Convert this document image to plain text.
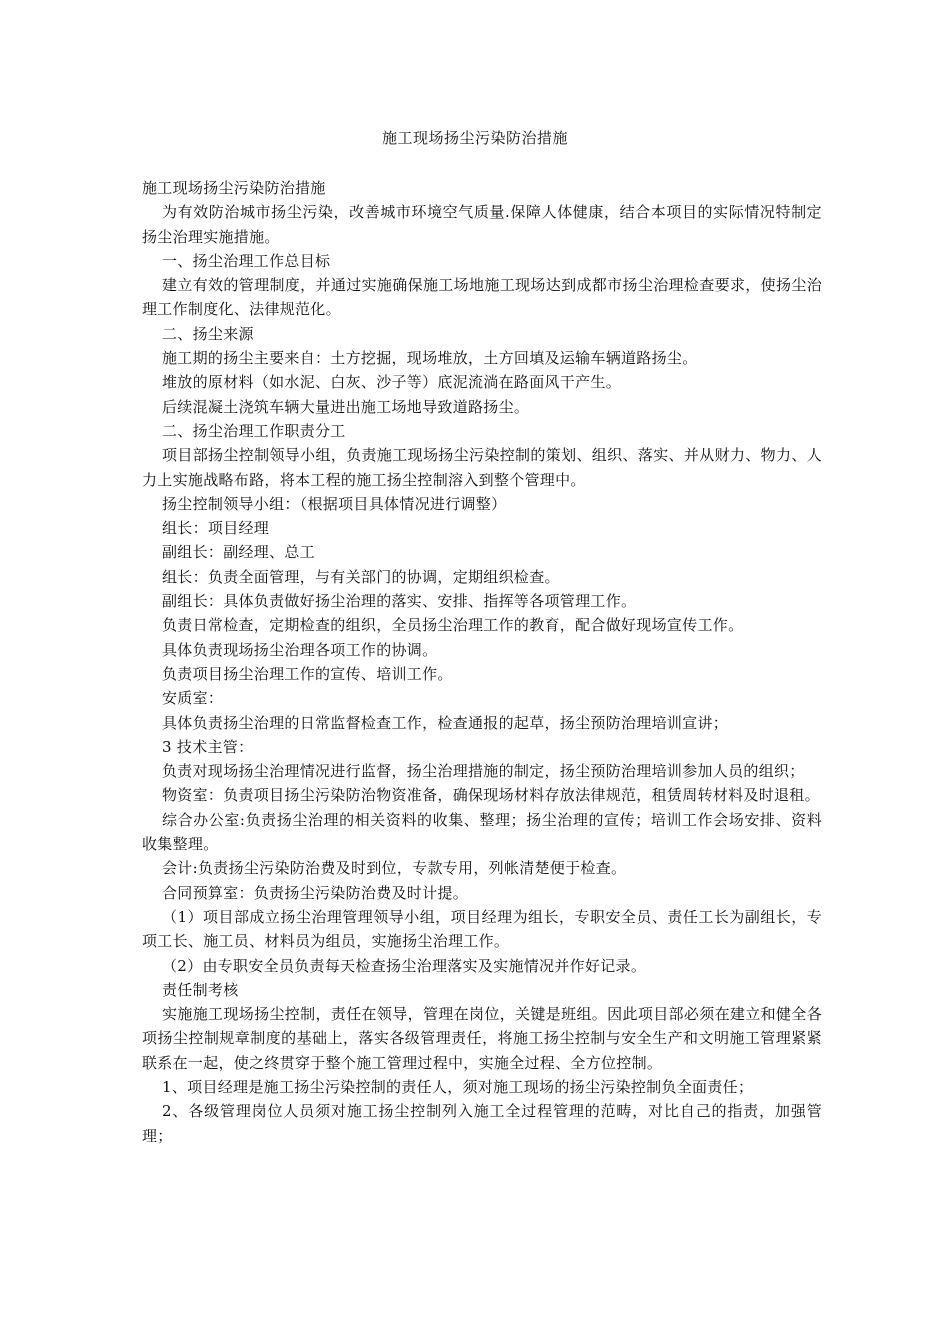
施工现场扬尘污染防治措施

施工现场扬尘污染防治措施

为有效防治城市扬尘污染，改善城市环境空气质量.保障人体健康，结合本项目的实际情况特制定扬尘治理实施措施。

一、扬尘治理工作总目标

建立有效的管理制度，并通过实施确保施工场地施工现场达到成都市扬尘治理检查要求，使扬尘治理工作制度化、法律规范化。

二、扬尘来源

施工期的扬尘主要来自：土方挖掘，现场堆放，土方回填及运输车辆道路扬尘。

堆放的原材料（如水泥、白灰、沙子等）底泥流淌在路面风干产生。

后续混凝土浇筑车辆大量进出施工场地导致道路扬尘。

二、扬尘治理工作职责分工

项目部扬尘控制领导小组，负责施工现场扬尘污染控制的策划、组织、落实、并从财力、物力、人力上实施战略布路，将本工程的施工扬尘控制溶入到整个管理中。

扬尘控制领导小组：（根据项目具体情况进行调整）

组长：项目经理

副组长：副经理、总工

组长：负责全面管理，与有关部门的协调，定期组织检查。

副组长：具体负责做好扬尘治理的落实、安排、指挥等各项管理工作。

负责日常检查，定期检查的组织，全员扬尘治理工作的教育，配合做好现场宣传工作。

具体负责现场扬尘治理各项工作的协调。

负责项目扬尘治理工作的宣传、培训工作。

安质室：

具体负责扬尘治理的日常监督检查工作，检查通报的起草，扬尘预防治理培训宣讲；

3 技术主管：

负责对现场扬尘治理情况进行监督，扬尘治理措施的制定，扬尘预防治理培训参加人员的组织；

物资室：负责项目扬尘污染防治物资准备，确保现场材料存放法律规范，租赁周转材料及时退租。

综合办公室:负责扬尘治理的相关资料的收集、整理；扬尘治理的宣传；培训工作会场安排、资料收集整理。

会计:负责扬尘污染防治费及时到位，专款专用，列帐清楚便于检查。

合同预算室：负责扬尘污染防治费及时计提。

（1）项目部成立扬尘治理管理领导小组，项目经理为组长，专职安全员、责任工长为副组长，专项工长、施工员、材料员为组员，实施扬尘治理工作。

（2）由专职安全员负责每天检查扬尘治理落实及实施情况并作好记录。

责任制考核

实施施工现场扬尘控制，责任在领导，管理在岗位，关键是班组。因此项目部必须在建立和健全各项扬尘控制规章制度的基础上，落实各级管理责任，将施工扬尘控制与安全生产和文明施工管理紧紧联系在一起，使之终贯穿于整个施工管理过程中，实施全过程、全方位控制。

1、项目经理是施工扬尘污染控制的责任人，须对施工现场的扬尘污染控制负全面责任；

2、各级管理岗位人员须对施工扬尘控制列入施工全过程管理的范畴，对比自己的指责，加强管理；
